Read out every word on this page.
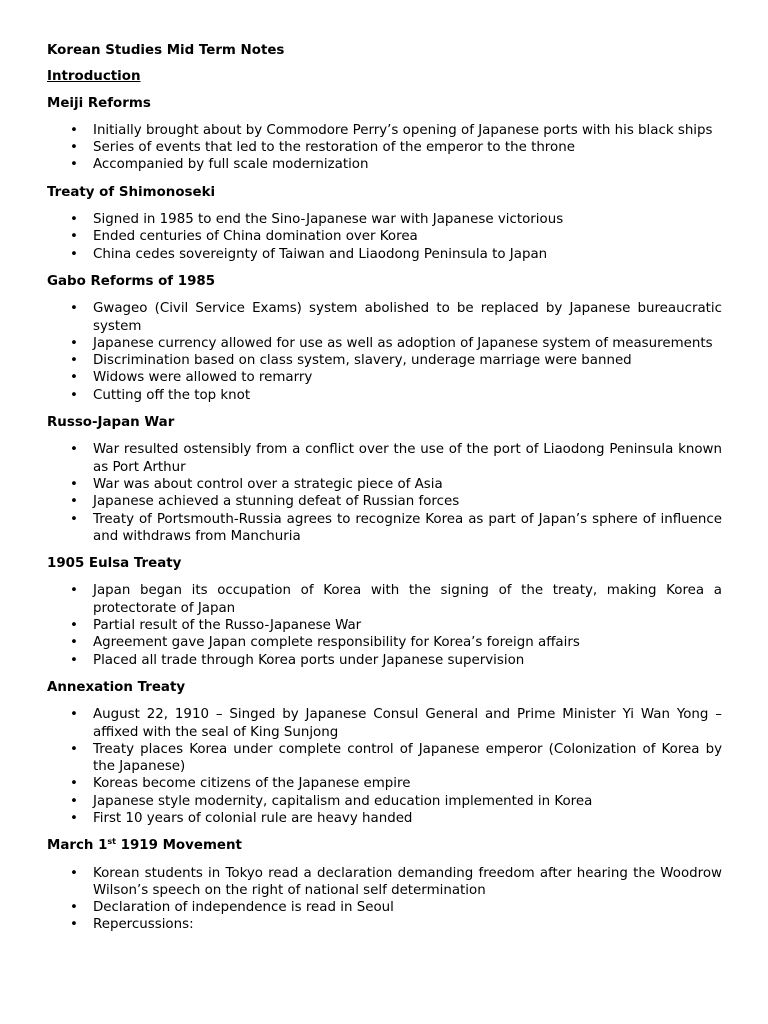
Korean Studies Mid Term Notes
Introduction
Meiji Reforms
• Initially brought about by Commodore Perry’s opening of Japanese ports with his black ships
• Series of events that led to the restoration of the emperor to the throne
• Accompanied by full scale modernization
Treaty of Shimonoseki
• Signed in 1985 to end the Sino-Japanese war with Japanese victorious
• Ended centuries of China domination over Korea
• China cedes sovereignty of Taiwan and Liaodong Peninsula to Japan
Gabo Reforms of 1985
• Gwageo (Civil Service Exams) system abolished to be replaced by Japanese bureaucratic system
• Japanese currency allowed for use as well as adoption of Japanese system of measurements
• Discrimination based on class system, slavery, underage marriage were banned
• Widows were allowed to remarry
• Cutting off the top knot
Russo-Japan War
• War resulted ostensibly from a conflict over the use of the port of Liaodong Peninsula known as Port Arthur
• War was about control over a strategic piece of Asia
• Japanese achieved a stunning defeat of Russian forces
• Treaty of Portsmouth-Russia agrees to recognize Korea as part of Japan’s sphere of influence and withdraws from Manchuria
1905 Eulsa Treaty
• Japan began its occupation of Korea with the signing of the treaty, making Korea a protectorate of Japan
• Partial result of the Russo-Japanese War
• Agreement gave Japan complete responsibility for Korea’s foreign affairs
• Placed all trade through Korea ports under Japanese supervision
Annexation Treaty
• August 22, 1910 – Singed by Japanese Consul General and Prime Minister Yi Wan Yong – affixed with the seal of King Sunjong
• Treaty places Korea under complete control of Japanese emperor (Colonization of Korea by the Japanese)
• Koreas become citizens of the Japanese empire
• Japanese style modernity, capitalism and education implemented in Korea
• First 10 years of colonial rule are heavy handed
March 1st 1919 Movement
• Korean students in Tokyo read a declaration demanding freedom after hearing the Woodrow Wilson’s speech on the right of national self determination
• Declaration of independence is read in Seoul
• Repercussions:
